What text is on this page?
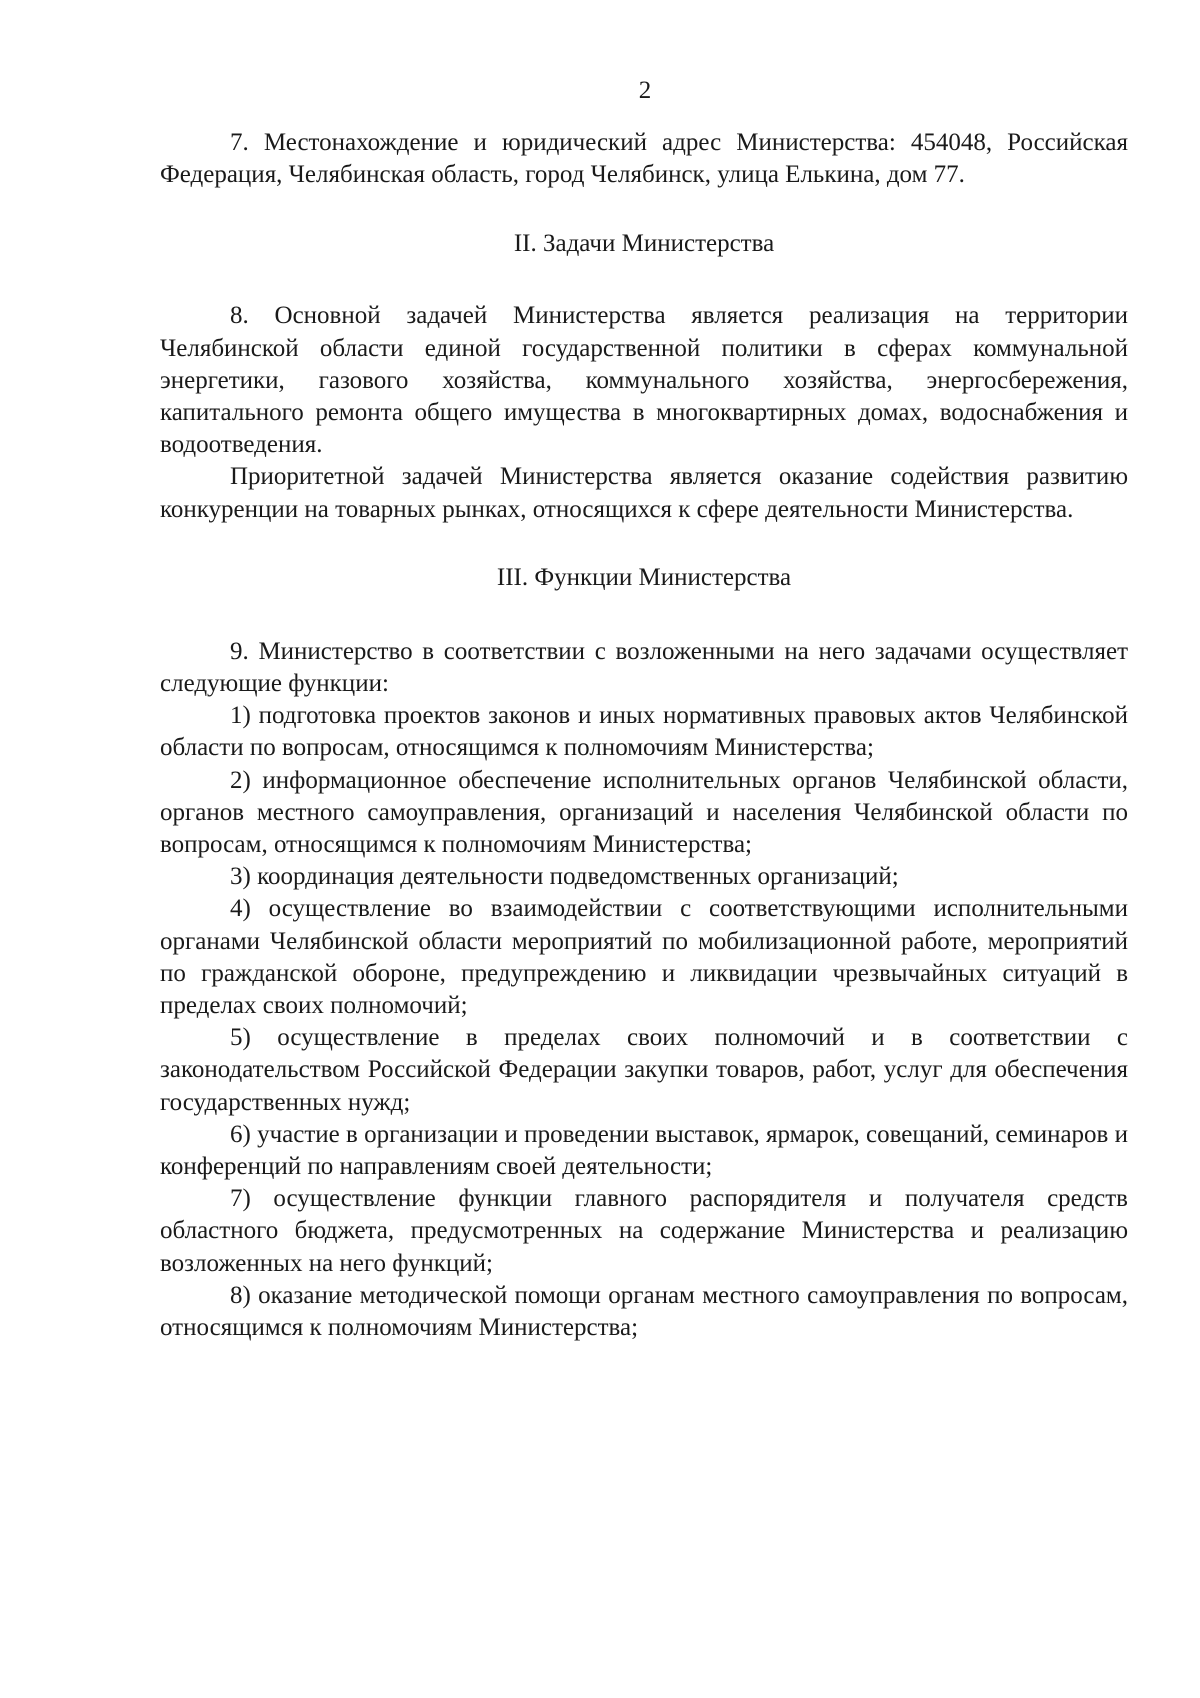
2

7. Местонахождение и юридический адрес Министерства: 454048, Российская Федерация, Челябинская область, город Челябинск, улица Елькина, дом 77.

II. Задачи Министерства

8. Основной задачей Министерства является реализация на территории Челябинской области единой государственной политики в сферах коммунальной энергетики, газового хозяйства, коммунального хозяйства, энергосбережения, капитального ремонта общего имущества в многоквартирных домах, водоснабжения и водоотведения.

Приоритетной задачей Министерства является оказание содействия развитию конкуренции на товарных рынках, относящихся к сфере деятельности Министерства.

III. Функции Министерства

9. Министерство в соответствии с возложенными на него задачами осуществляет следующие функции:

1) подготовка проектов законов и иных нормативных правовых актов Челябинской области по вопросам, относящимся к полномочиям Министерства;

2) информационное обеспечение исполнительных органов Челябинской области, органов местного самоуправления, организаций и населения Челябинской области по вопросам, относящимся к полномочиям Министерства;

3) координация деятельности подведомственных организаций;

4) осуществление во взаимодействии с соответствующими исполнительными органами Челябинской области мероприятий по мобилизационной работе, мероприятий по гражданской обороне, предупреждению и ликвидации чрезвычайных ситуаций в пределах своих полномочий;

5) осуществление в пределах своих полномочий и в соответствии с законодательством Российской Федерации закупки товаров, работ, услуг для обеспечения государственных нужд;

6) участие в организации и проведении выставок, ярмарок, совещаний, семинаров и конференций по направлениям своей деятельности;

7) осуществление функции главного распорядителя и получателя средств областного бюджета, предусмотренных на содержание Министерства и реализацию возложенных на него функций;

8) оказание методической помощи органам местного самоуправления по вопросам, относящимся к полномочиям Министерства;
